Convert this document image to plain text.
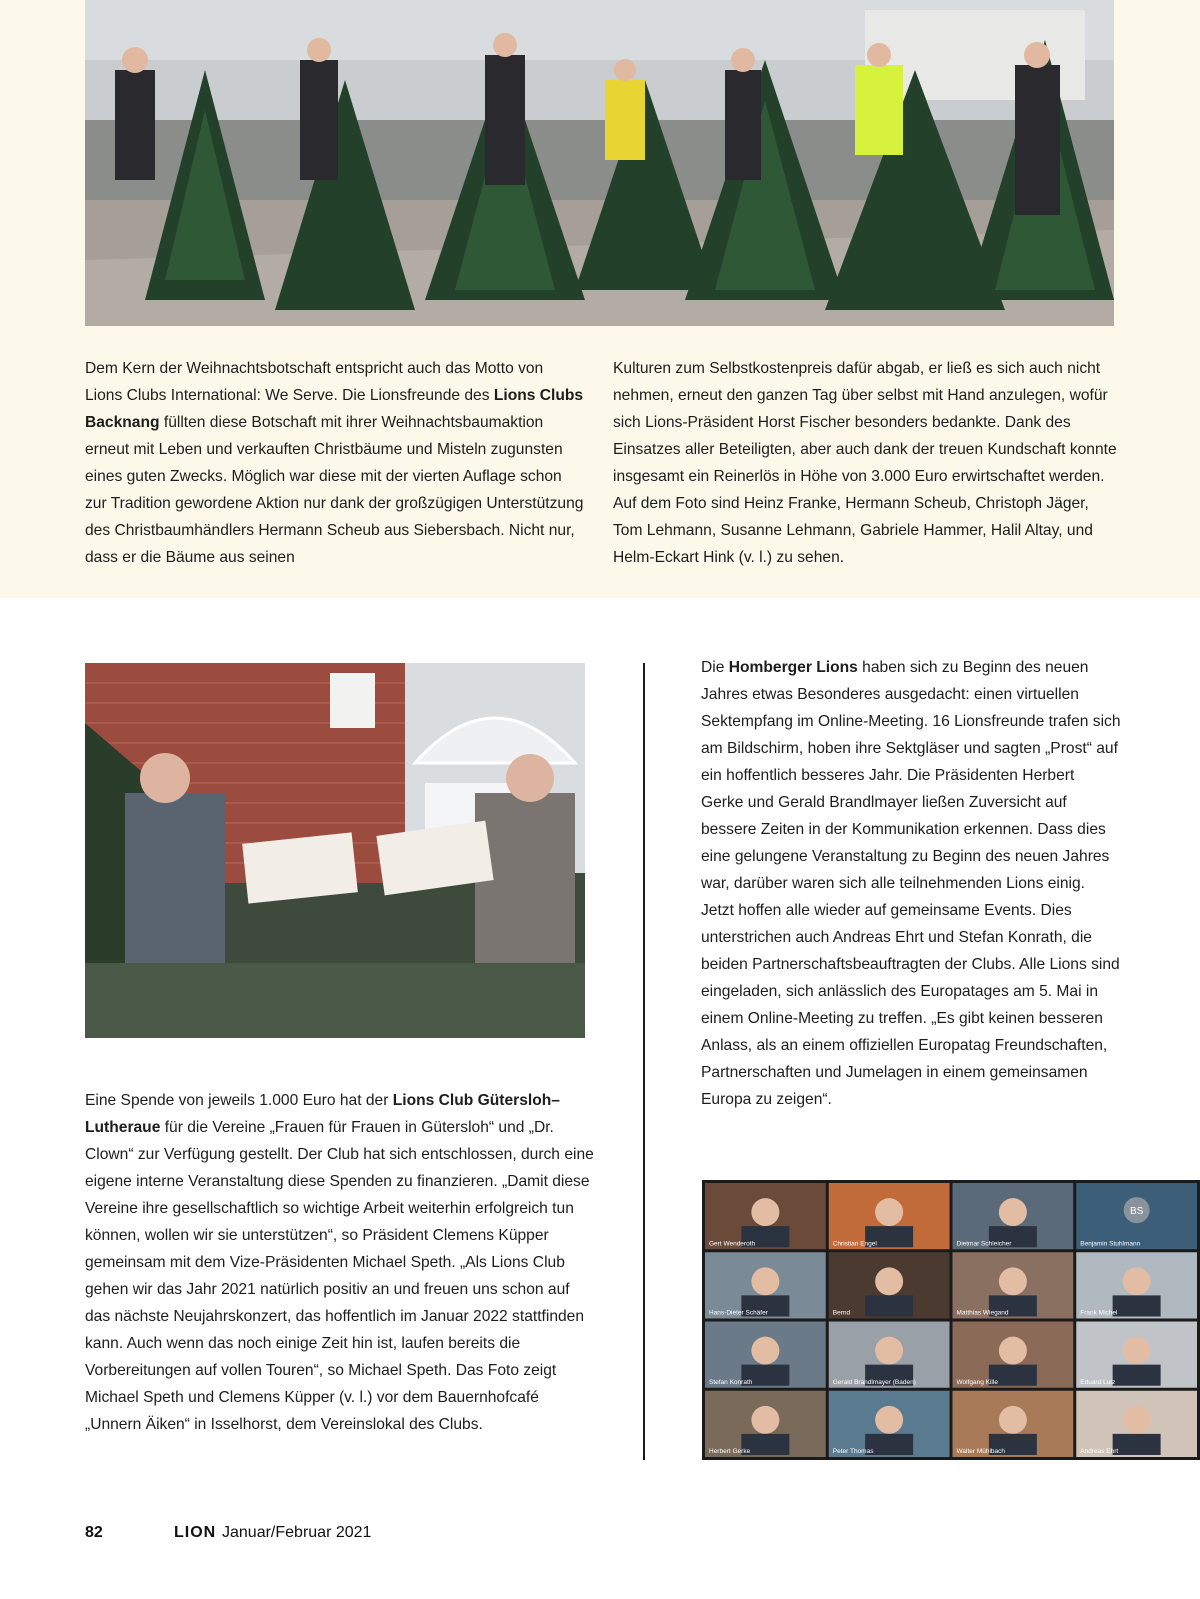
Dem Kern der Weihnachtsbotschaft entspricht auch das Motto von
Lions Clubs International: We Serve. Die Lionsfreunde des Lions Clubs Backnang füllten diese Botschaft mit ihrer Weihnachtsbaumaktion erneut mit Leben und verkauften Christbäume und Misteln zugunsten eines guten Zwecks. Möglich war diese mit der vierten Auflage schon zur Tradition gewordene Aktion nur dank der großzügigen Unterstützung des Christbaumhändlers Hermann Scheub aus Siebersbach. Nicht nur, dass er die Bäume aus seinen

Kulturen zum Selbstkostenpreis dafür abgab, er ließ es sich auch nicht nehmen, erneut den ganzen Tag über selbst mit Hand anzulegen, wofür sich Lions-Präsident Horst Fischer besonders bedankte. Dank des Einsatzes aller Beteiligten, aber auch dank der treuen Kundschaft konnte insgesamt ein Reinerlös in Höhe von 3.000 Euro erwirtschaftet werden. Auf dem Foto sind Heinz Franke, Hermann Scheub, Christoph Jäger, Tom Lehmann, Susanne Lehmann, Gabriele Hammer, Halil Altay, und Helm-Eckart Hink (v. l.) zu sehen.

Eine Spende von jeweils 1.000 Euro hat der Lions Club Gütersloh–Lutheraue für die Vereine „Frauen für Frauen in Gütersloh“ und „Dr. Clown“ zur Verfügung gestellt. Der Club hat sich entschlossen, durch eine eigene interne Veranstaltung diese Spenden zu finanzieren. „Damit diese Vereine ihre gesellschaftlich so wichtige Arbeit weiterhin erfolgreich tun können, wollen wir sie unterstützen“, so Präsident Clemens Küpper gemeinsam mit dem Vize-Präsidenten Michael Speth. „Als Lions Club gehen wir das Jahr 2021 natürlich positiv an und freuen uns schon auf das nächste Neujahrskonzert, das hoffentlich im Januar 2022 stattfinden kann. Auch wenn das noch einige Zeit hin ist, laufen bereits die Vorbereitungen auf vollen Touren“, so Michael Speth. Das Foto zeigt Michael Speth und Clemens Küpper (v. l.) vor dem Bauernhofcafé „Unnern Äiken“ in Isselhorst, dem Vereinslokal des Clubs.

Die Homberger Lions haben sich zu Beginn des neuen Jahres etwas Besonderes ausgedacht: einen virtuellen Sektempfang im Online-Meeting. 16 Lionsfreunde trafen sich am Bildschirm, hoben ihre Sektgläser und sagten „Prost“ auf ein hoffentlich besseres Jahr. Die Präsidenten Herbert Gerke und Gerald Brandlmayer ließen Zuversicht auf bessere Zeiten in der Kommunikation erkennen. Dass dies eine gelungene Veranstaltung zu Beginn des neuen Jahres war, darüber waren sich alle teilnehmenden Lions einig. Jetzt hoffen alle wieder auf gemeinsame Events. Dies unterstrichen auch Andreas Ehrt und Stefan Konrath, die beiden Partnerschaftsbeauftragten der Clubs. Alle Lions sind eingeladen, sich anlässlich des Europatages am 5. Mai in einem Online-Meeting zu treffen. „Es gibt keinen besseren Anlass, als an einem offiziellen Europatag Freundschaften, Partnerschaften und Jumelagen in einem gemeinsamen Europa zu zeigen“.

Gert Wenderoth	Christian Engel	Dietmar Schleicher
BS
Benjamin Stuhlmann
Hans-Dieter Schäfer	Bernd	Matthias Wiegand	Frank Michel
Stefan Konrath	Gerald Brandlmayer (Baden)	Wolfgang Kille	Eduard Lutz
Herbert Gerke	Peter Thomas	Walter Mühlbach	Andreas Ehrt
82	LION Januar/Februar 2021
